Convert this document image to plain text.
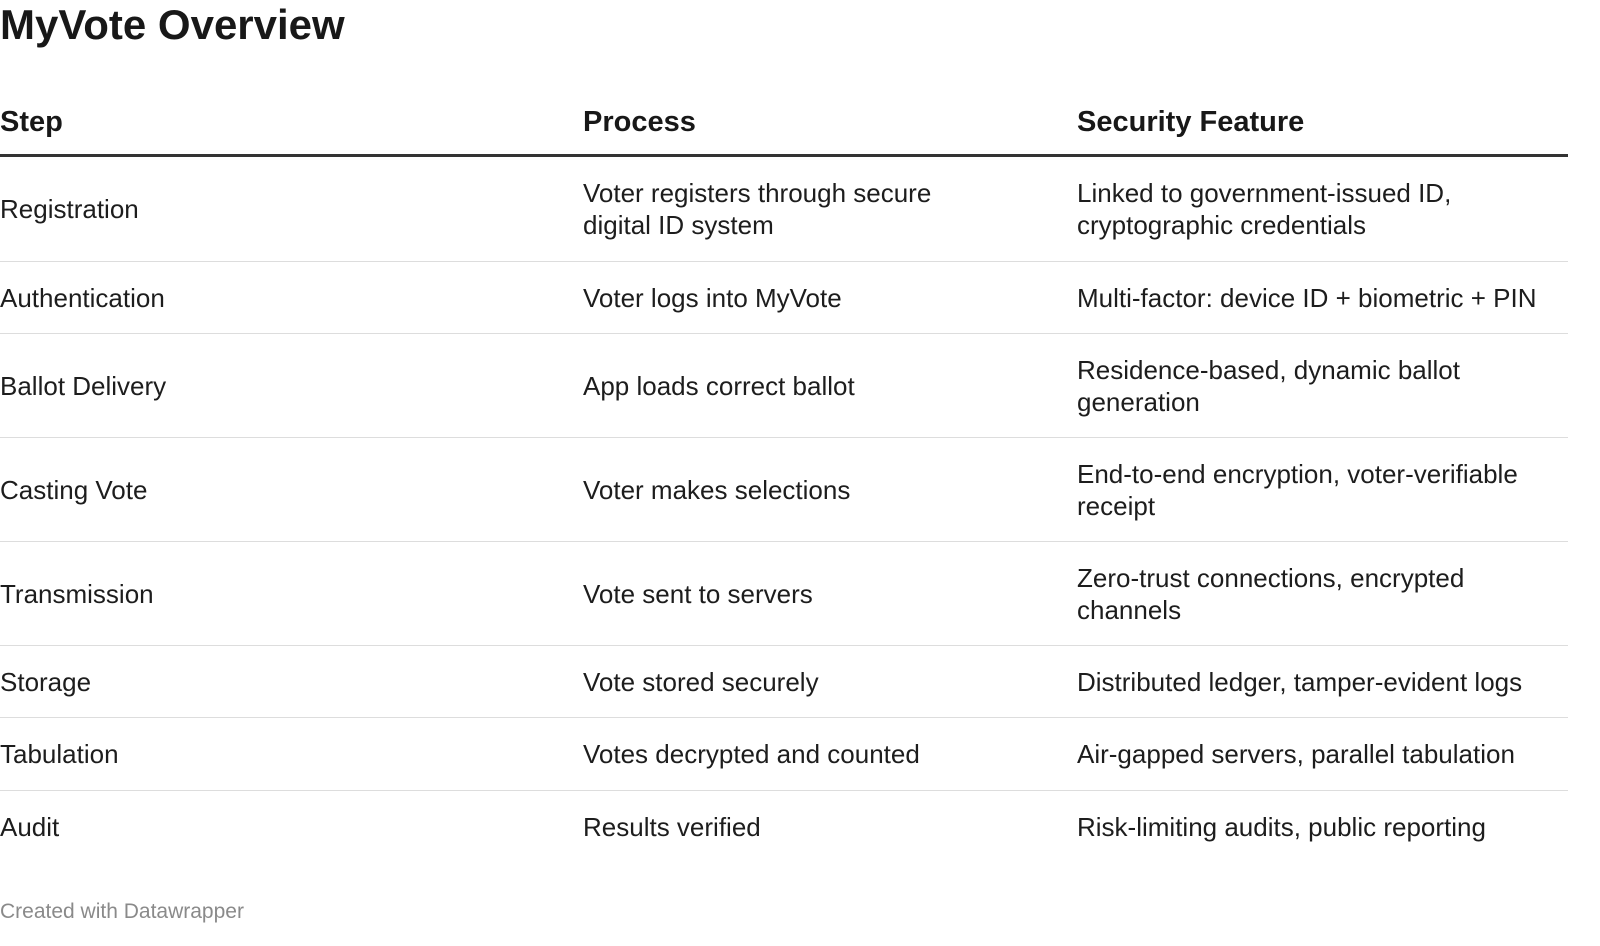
MyVote Overview
Step	Process	Security Feature
Registration	Voter registers through secure digital ID system	Linked to government-issued ID, cryptographic credentials
Authentication	Voter logs into MyVote	Multi-factor: device ID + biometric + PIN
Ballot Delivery	App loads correct ballot	Residence-based, dynamic ballot generation
Casting Vote	Voter makes selections	End-to-end encryption, voter-verifiable receipt
Transmission	Vote sent to servers	Zero-trust connections, encrypted channels
Storage	Vote stored securely	Distributed ledger, tamper-evident logs
Tabulation	Votes decrypted and counted	Air-gapped servers, parallel tabulation
Audit	Results verified	Risk-limiting audits, public reporting
Created with Datawrapper
